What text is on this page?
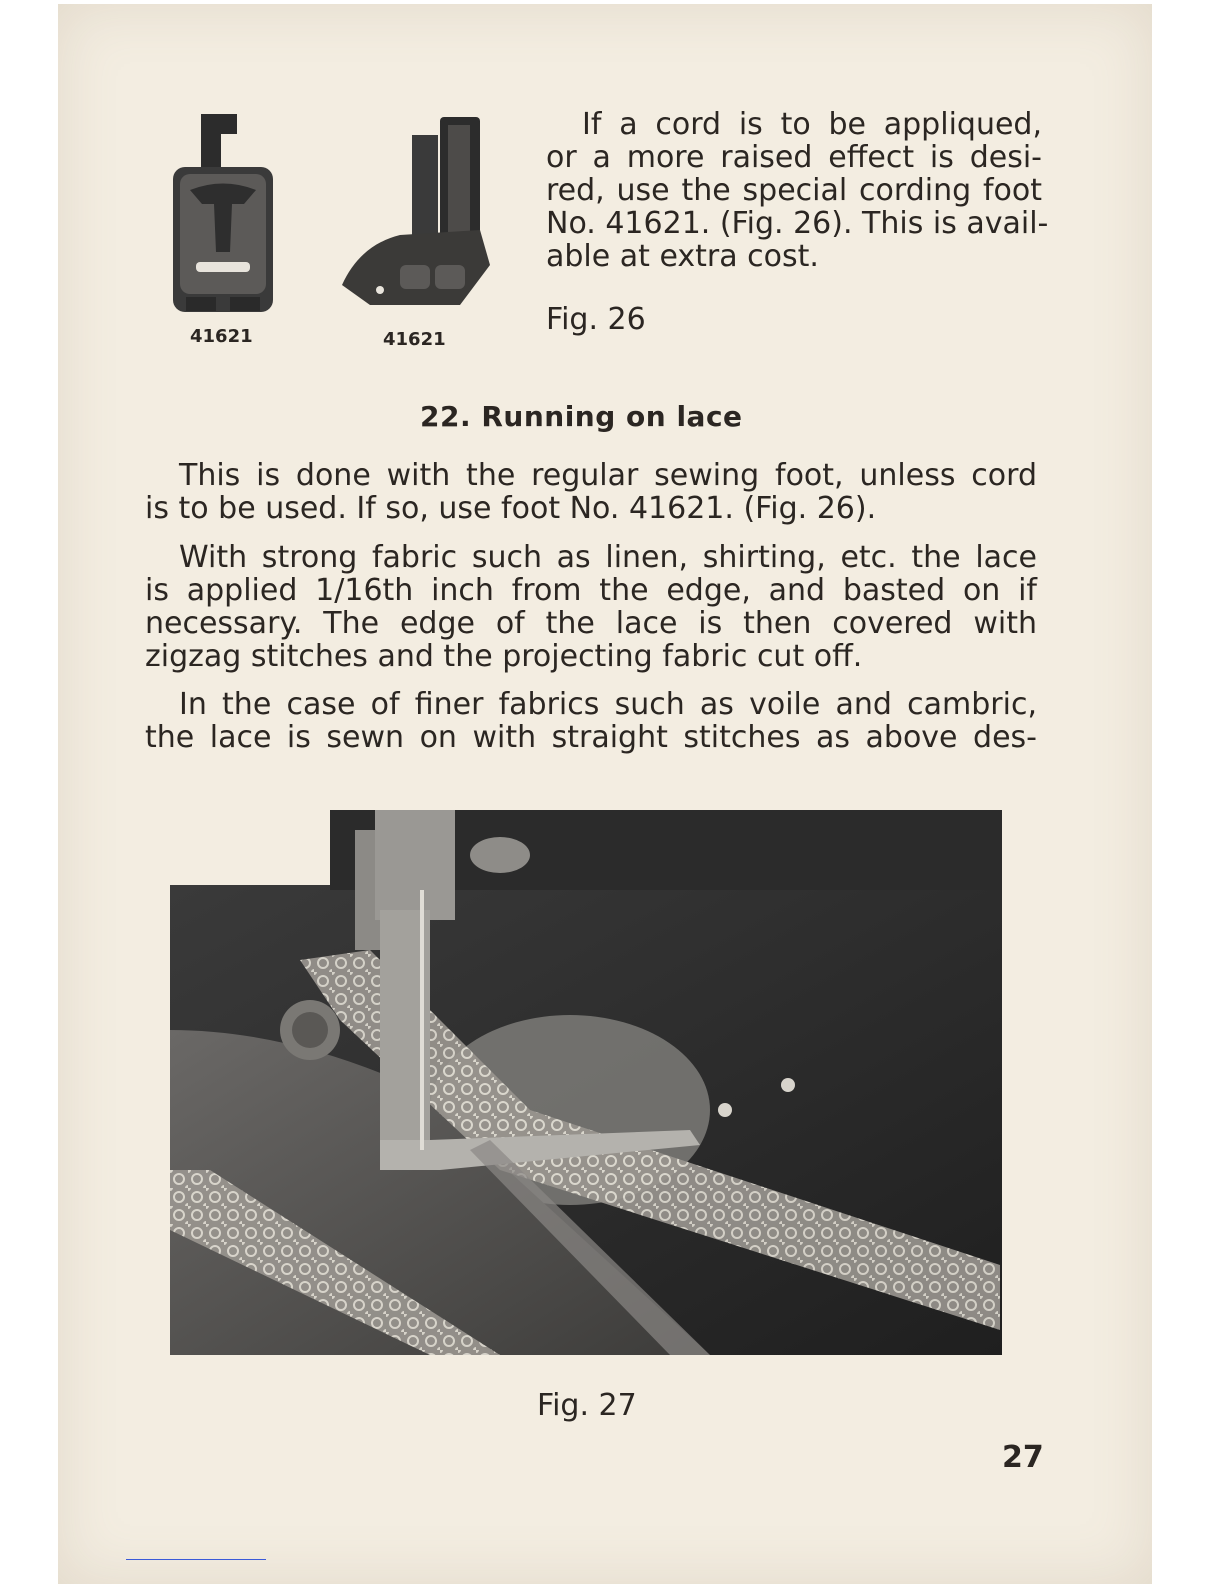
41621	41621
If a cord is to be appliqued,
or a more raised effect is desi-
red, use the special cording foot
No. 41621. (Fig. 26). This is avail-
able at extra cost.
Fig. 26
22. Running on lace
This is done with the regular sewing foot, unless cord
is to be used. If so, use foot No. 41621. (Fig. 26).
With strong fabric such as linen, shirting, etc. the lace
is applied 1/16th inch from the edge, and basted on if
necessary. The edge of the lace is then covered with
zigzag stitches and the projecting fabric cut off.
In the case of finer fabrics such as voile and cambric,
the lace is sewn on with straight stitches as above des-
Fig. 27
27
